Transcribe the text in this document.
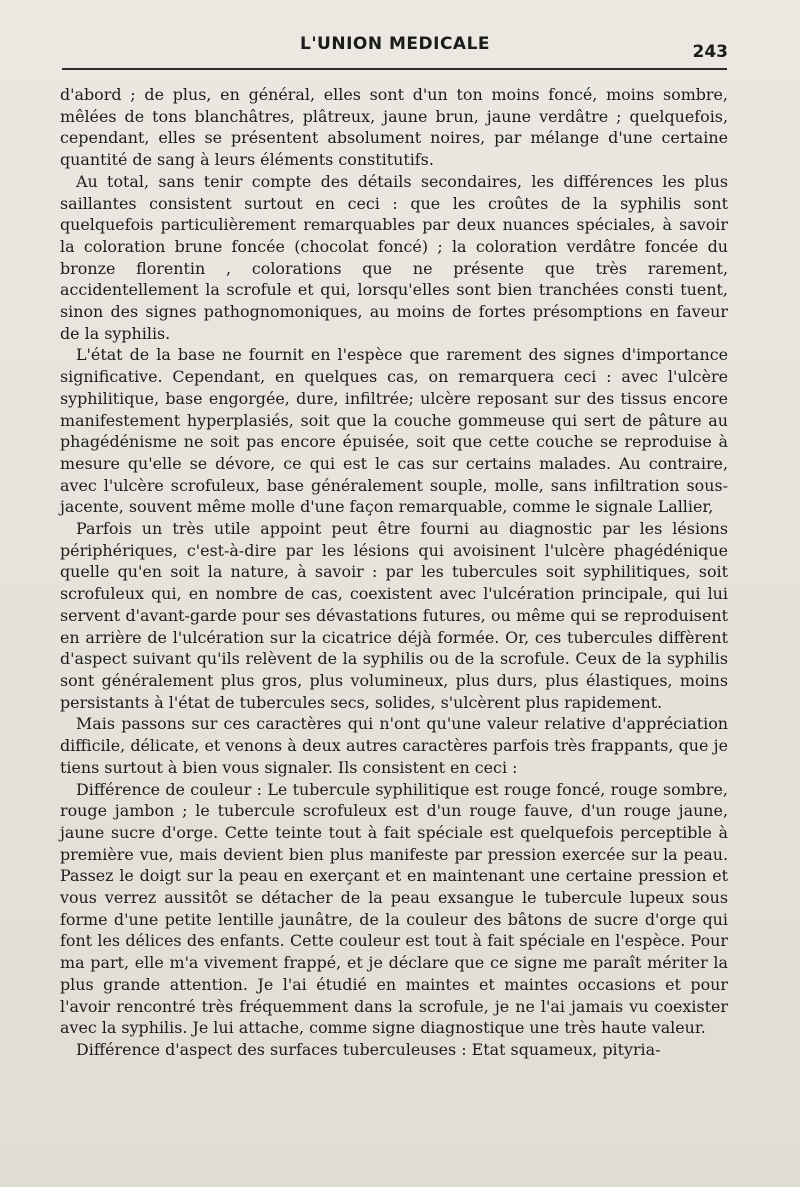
L'UNION MEDICALE	243

d'abord ; de plus, en général, elles sont d'un ton moins foncé, moins sombre, mêlées de tons blanchâtres, plâtreux, jaune brun, jaune verdâtre ; quelquefois, cependant, elles se présentent absolument noires, par mélange d'une certaine quantité de sang à leurs éléments constitutifs.

Au total, sans tenir compte des détails secondaires, les différences les plus saillantes consistent surtout en ceci : que les croûtes de la syphilis sont quelquefois particulièrement remarquables par deux nuances spéciales, à savoir la coloration brune foncée (chocolat foncé) ; la coloration verdâtre foncée du bronze florentin , colorations que ne présente que très rarement, accidentellement la scrofule et qui, lorsqu'elles sont bien tranchées consti tuent, sinon des signes pathognomoniques, au moins de fortes présomptions en faveur de la syphilis.

L'état de la base ne fournit en l'espèce que rarement des signes d'importance significative. Cependant, en quelques cas, on remarquera ceci : avec l'ulcère syphilitique, base engorgée, dure, infiltrée; ulcère reposant sur des tissus encore manifestement hyperplasiés, soit que la couche gommeuse qui sert de pâture au phagédénisme ne soit pas encore épuisée, soit que cette couche se reproduise à mesure qu'elle se dévore, ce qui est le cas sur certains malades. Au contraire, avec l'ulcère scrofuleux, base généralement souple, molle, sans infiltration sous-jacente, souvent même molle d'une façon remarquable, comme le signale Lallier,

Parfois un très utile appoint peut être fourni au diagnostic par les lésions périphériques, c'est-à-dire par les lésions qui avoisinent l'ulcère phagédénique quelle qu'en soit la nature, à savoir : par les tubercules soit syphilitiques, soit scrofuleux qui, en nombre de cas, coexistent avec l'ulcération principale, qui lui servent d'avant-garde pour ses dévastations futures, ou même qui se reproduisent en arrière de l'ulcération sur la cicatrice déjà formée. Or, ces tubercules diffèrent d'aspect suivant qu'ils relèvent de la syphilis ou de la scrofule. Ceux de la syphilis sont généralement plus gros, plus volumineux, plus durs, plus élastiques, moins persistants à l'état de tubercules secs, solides, s'ulcèrent plus rapidement.

Mais passons sur ces caractères qui n'ont qu'une valeur relative d'appréciation difficile, délicate, et venons à deux autres caractères parfois très frappants, que je tiens surtout à bien vous signaler. Ils consistent en ceci :

Différence de couleur : Le tubercule syphilitique est rouge foncé, rouge sombre, rouge jambon ; le tubercule scrofuleux est d'un rouge fauve, d'un rouge jaune, jaune sucre d'orge. Cette teinte tout à fait spéciale est quelquefois perceptible à première vue, mais devient bien plus manifeste par pression exercée sur la peau. Passez le doigt sur la peau en exerçant et en maintenant une certaine pression et vous verrez aussitôt se détacher de la peau exsangue le tubercule lupeux sous forme d'une petite lentille jaunâtre, de la couleur des bâtons de sucre d'orge qui font les délices des enfants. Cette couleur est tout à fait spéciale en l'espèce. Pour ma part, elle m'a vivement frappé, et je déclare que ce signe me paraît mériter la plus grande attention. Je l'ai étudié en maintes et maintes occasions et pour l'avoir rencontré très fréquemment dans la scrofule, je ne l'ai jamais vu coexister avec la syphilis. Je lui attache, comme signe diagnostique une très haute valeur.

Différence d'aspect des surfaces tuberculeuses : Etat squameux, pityria-
